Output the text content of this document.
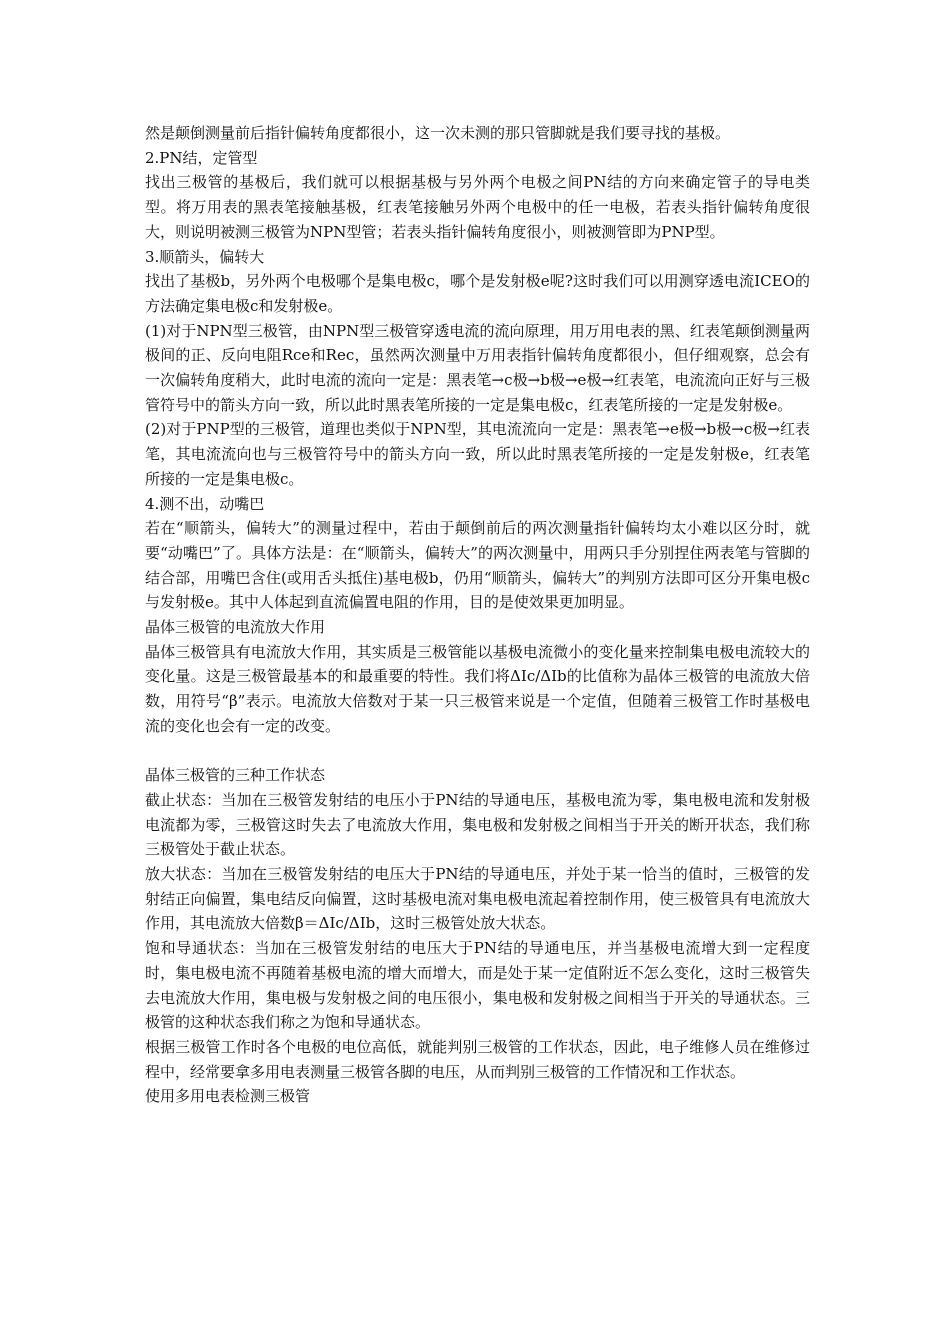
然是颠倒测量前后指针偏转角度都很小，这一次未测的那只管脚就是我们要寻找的基极。

2.PN结，定管型

找出三极管的基极后，我们就可以根据基极与另外两个电极之间PN结的方向来确定管子的导电类型。将万用表的黑表笔接触基极，红表笔接触另外两个电极中的任一电极，若表头指针偏转角度很大，则说明被测三极管为NPN型管；若表头指针偏转角度很小，则被测管即为PNP型。

3.顺箭头，偏转大

找出了基极b，另外两个电极哪个是集电极c，哪个是发射极e呢?这时我们可以用测穿透电流ICEO的方法确定集电极c和发射极e。

(1)对于NPN型三极管，由NPN型三极管穿透电流的流向原理，用万用电表的黑、红表笔颠倒测量两极间的正、反向电阻Rce和Rec，虽然两次测量中万用表指针偏转角度都很小，但仔细观察，总会有一次偏转角度稍大，此时电流的流向一定是：黑表笔→c极→b极→e极→红表笔，电流流向正好与三极管符号中的箭头方向一致，所以此时黑表笔所接的一定是集电极c，红表笔所接的一定是发射极e。

(2)对于PNP型的三极管，道理也类似于NPN型，其电流流向一定是：黑表笔→e极→b极→c极→红表笔，其电流流向也与三极管符号中的箭头方向一致，所以此时黑表笔所接的一定是发射极e，红表笔所接的一定是集电极c。

4.测不出，动嘴巴

若在“顺箭头，偏转大”的测量过程中，若由于颠倒前后的两次测量指针偏转均太小难以区分时，就要“动嘴巴”了。具体方法是：在“顺箭头，偏转大”的两次测量中，用两只手分别捏住两表笔与管脚的结合部，用嘴巴含住(或用舌头抵住)基电极b，仍用“顺箭头，偏转大”的判别方法即可区分开集电极c与发射极e。其中人体起到直流偏置电阻的作用，目的是使效果更加明显。

晶体三极管的电流放大作用

晶体三极管具有电流放大作用，其实质是三极管能以基极电流微小的变化量来控制集电极电流较大的变化量。这是三极管最基本的和最重要的特性。我们将ΔIc/ΔIb的比值称为晶体三极管的电流放大倍数，用符号“β”表示。电流放大倍数对于某一只三极管来说是一个定值，但随着三极管工作时基极电流的变化也会有一定的改变。

晶体三极管的三种工作状态

截止状态：当加在三极管发射结的电压小于PN结的导通电压，基极电流为零，集电极电流和发射极电流都为零，三极管这时失去了电流放大作用，集电极和发射极之间相当于开关的断开状态，我们称三极管处于截止状态。

放大状态：当加在三极管发射结的电压大于PN结的导通电压，并处于某一恰当的值时，三极管的发射结正向偏置，集电结反向偏置，这时基极电流对集电极电流起着控制作用，使三极管具有电流放大作用，其电流放大倍数β＝ΔIc/ΔIb，这时三极管处放大状态。

饱和导通状态：当加在三极管发射结的电压大于PN结的导通电压，并当基极电流增大到一定程度时，集电极电流不再随着基极电流的增大而增大，而是处于某一定值附近不怎么变化，这时三极管失去电流放大作用，集电极与发射极之间的电压很小，集电极和发射极之间相当于开关的导通状态。三极管的这种状态我们称之为饱和导通状态。

根据三极管工作时各个电极的电位高低，就能判别三极管的工作状态，因此，电子维修人员在维修过程中，经常要拿多用电表测量三极管各脚的电压，从而判别三极管的工作情况和工作状态。

使用多用电表检测三极管
